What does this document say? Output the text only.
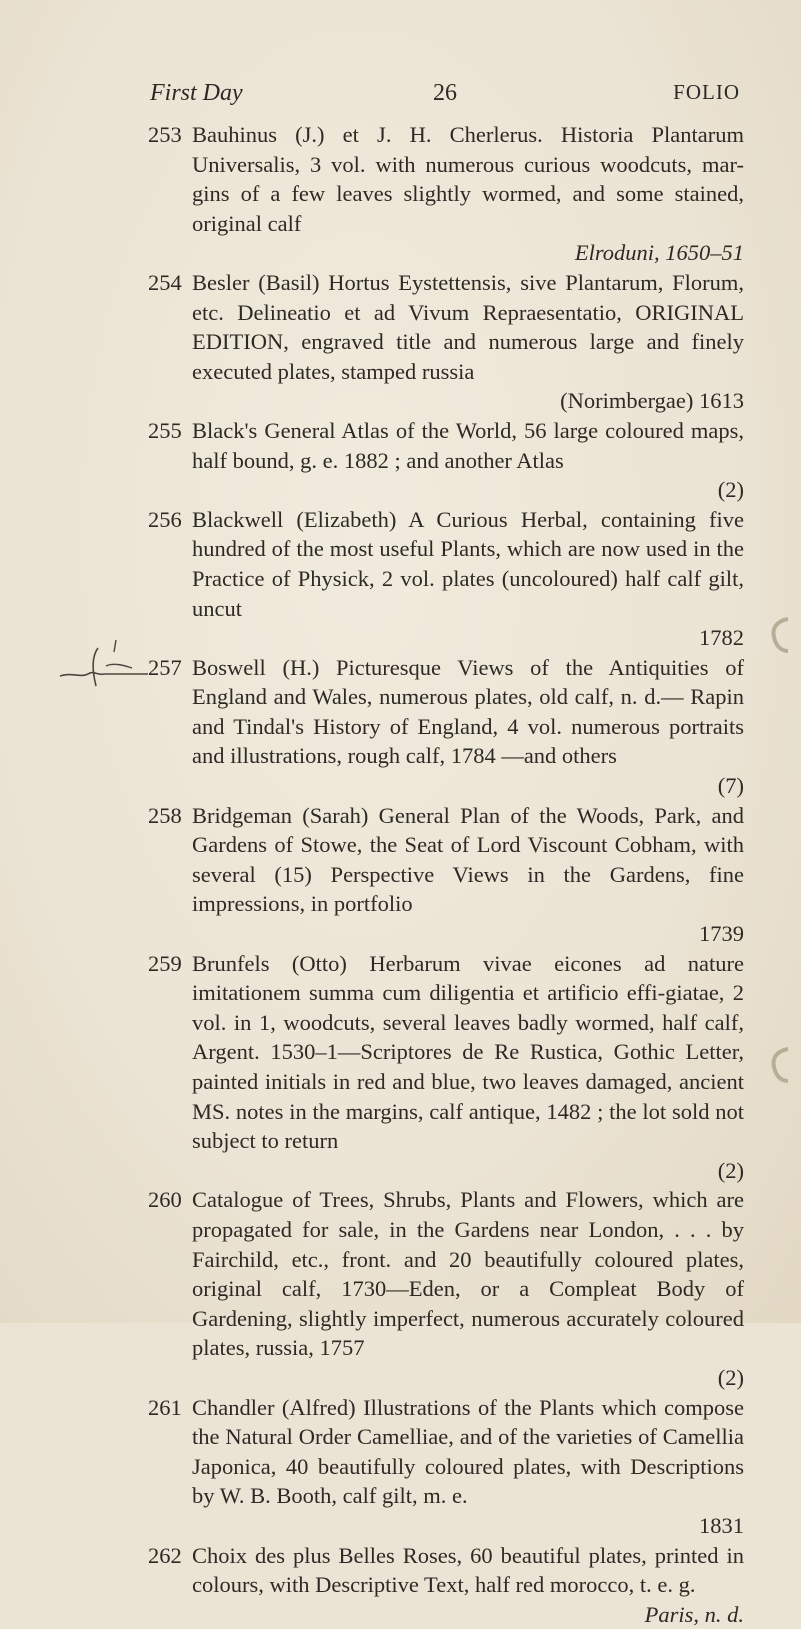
First Day	26	FOLIO
253 Bauhinus (J.) et J. H. Cherlerus. Historia Plantarum Universalis, 3 vol. with numerous curious woodcuts, mar-gins of a few leaves slightly wormed, and some stained, original calf
Elroduni, 1650–51
254 Besler (Basil) Hortus Eystettensis, sive Plantarum, Florum, etc. Delineatio et ad Vivum Repraesentatio, ORIGINAL EDITION, engraved title and numerous large and finely executed plates, stamped russia
(Norimbergae) 1613
255 Black's General Atlas of the World, 56 large coloured maps, half bound, g. e. 1882 ; and another Atlas
(2)
256 Blackwell (Elizabeth) A Curious Herbal, containing five hundred of the most useful Plants, which are now used in the Practice of Physick, 2 vol. plates (uncoloured) half calf gilt, uncut
1782
257 Boswell (H.) Picturesque Views of the Antiquities of England and Wales, numerous plates, old calf, n. d.— Rapin and Tindal's History of England, 4 vol. numerous portraits and illustrations, rough calf, 1784 —and others
(7)
258 Bridgeman (Sarah) General Plan of the Woods, Park, and Gardens of Stowe, the Seat of Lord Viscount Cobham, with several (15) Perspective Views in the Gardens, fine impressions, in portfolio
1739
259 Brunfels (Otto) Herbarum vivae eicones ad nature imitationem summa cum diligentia et artificio effi-giatae, 2 vol. in 1, woodcuts, several leaves badly wormed, half calf, Argent. 1530–1—Scriptores de Re Rustica, Gothic Letter, painted initials in red and blue, two leaves damaged, ancient MS. notes in the margins, calf antique, 1482 ; the lot sold not subject to return
(2)
260 Catalogue of Trees, Shrubs, Plants and Flowers, which are propagated for sale, in the Gardens near London, . . . by Fairchild, etc., front. and 20 beautifully coloured plates, original calf, 1730—Eden, or a Compleat Body of Gardening, slightly imperfect, numerous accurately coloured plates, russia, 1757
(2)
261 Chandler (Alfred) Illustrations of the Plants which compose the Natural Order Camelliae, and of the varieties of Camellia Japonica, 40 beautifully coloured plates, with Descriptions by W. B. Booth, calf gilt, m. e.
1831
262 Choix des plus Belles Roses, 60 beautiful plates, printed in colours, with Descriptive Text, half red morocco, t. e. g.
Paris, n. d.
